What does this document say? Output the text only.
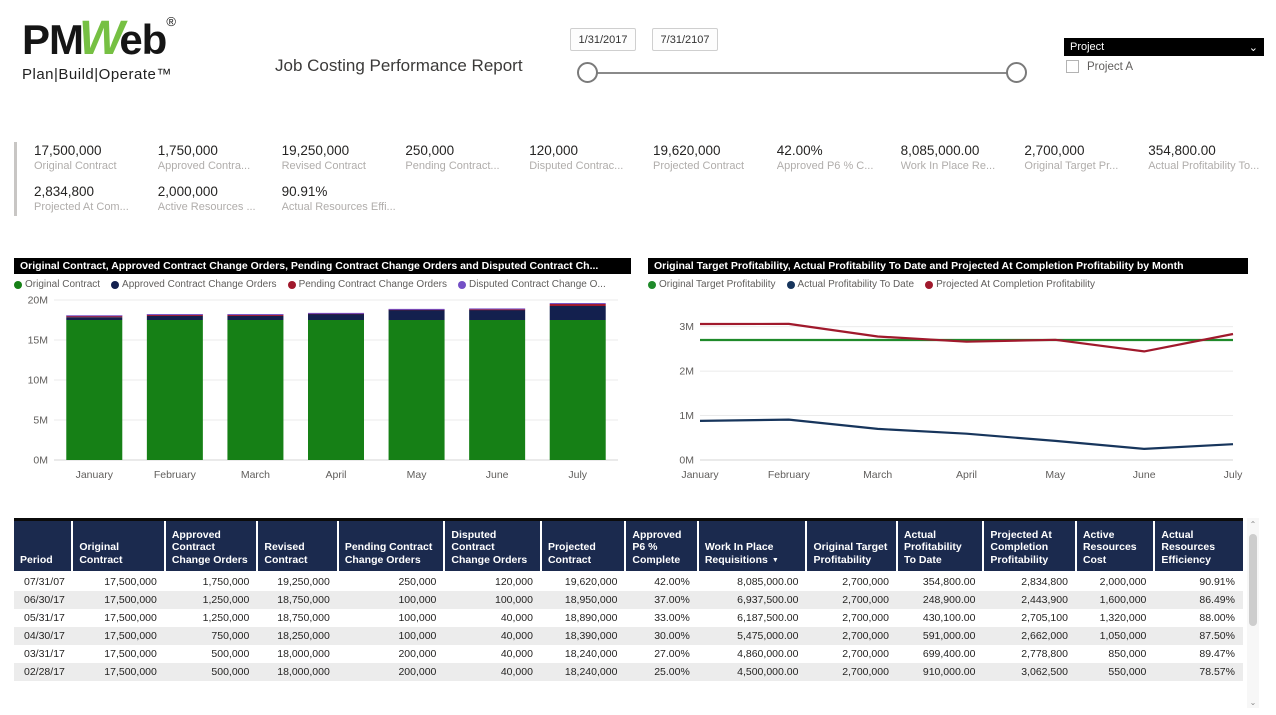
PMWeb®
Plan|Build|Operate™	Job Costing Performance Report
1/31/2017	7/31/2107
Project	⌄
Project A
17,500,000
Original Contract
1,750,000
Approved Contra...
19,250,000
Revised Contract
250,000
Pending Contract...
120,000
Disputed Contrac...
19,620,000
Projected Contract
42.00%
Approved P6 % C...
8,085,000.00
Work In Place Re...
2,700,000
Original Target Pr...
354,800.00
Actual Profitability To...
2,834,800
Projected At Com...
2,000,000
Active Resources ...
90.91%
Actual Resources Effi...
Original Contract, Approved Contract Change Orders, Pending Contract Change Orders and Disputed Contract Ch...
Original Contract Approved Contract Change Orders Pending Contract Change Orders Disputed Contract Change O...
0M
5M
10M
15M
20M
January	February	March	April	May	June	July
Original Target Profitability, Actual Profitability To Date and Projected At Completion Profitability by Month
Original Target Profitability Actual Profitability To Date Projected At Completion Profitability
0M
1M
2M
3M
January	February	March	April	May	June	July
Period	Original Contract	Approved Contract Change Orders	Revised Contract	Pending Contract Change Orders	Disputed Contract Change Orders	Projected Contract	Approved P6 % Complete	Work In Place Requisitions ▼	Original Target Profitability	Actual Profitability To Date	Projected At Completion Profitability	Active Resources Cost	Actual Resources Efficiency
07/31/07	17,500,000	1,750,000	19,250,000	250,000	120,000	19,620,000	42.00%	8,085,000.00	2,700,000	354,800.00	2,834,800	2,000,000	90.91%
06/30/17	17,500,000	1,250,000	18,750,000	100,000	100,000	18,950,000	37.00%	6,937,500.00	2,700,000	248,900.00	2,443,900	1,600,000	86.49%
05/31/17	17,500,000	1,250,000	18,750,000	100,000	40,000	18,890,000	33.00%	6,187,500.00	2,700,000	430,100.00	2,705,100	1,320,000	88.00%
04/30/17	17,500,000	750,000	18,250,000	100,000	40,000	18,390,000	30.00%	5,475,000.00	2,700,000	591,000.00	2,662,000	1,050,000	87.50%
03/31/17	17,500,000	500,000	18,000,000	200,000	40,000	18,240,000	27.00%	4,860,000.00	2,700,000	699,400.00	2,778,800	850,000	89.47%
02/28/17	17,500,000	500,000	18,000,000	200,000	40,000	18,240,000	25.00%	4,500,000.00	2,700,000	910,000.00	3,062,500	550,000	78.57%
⌃
⌄
